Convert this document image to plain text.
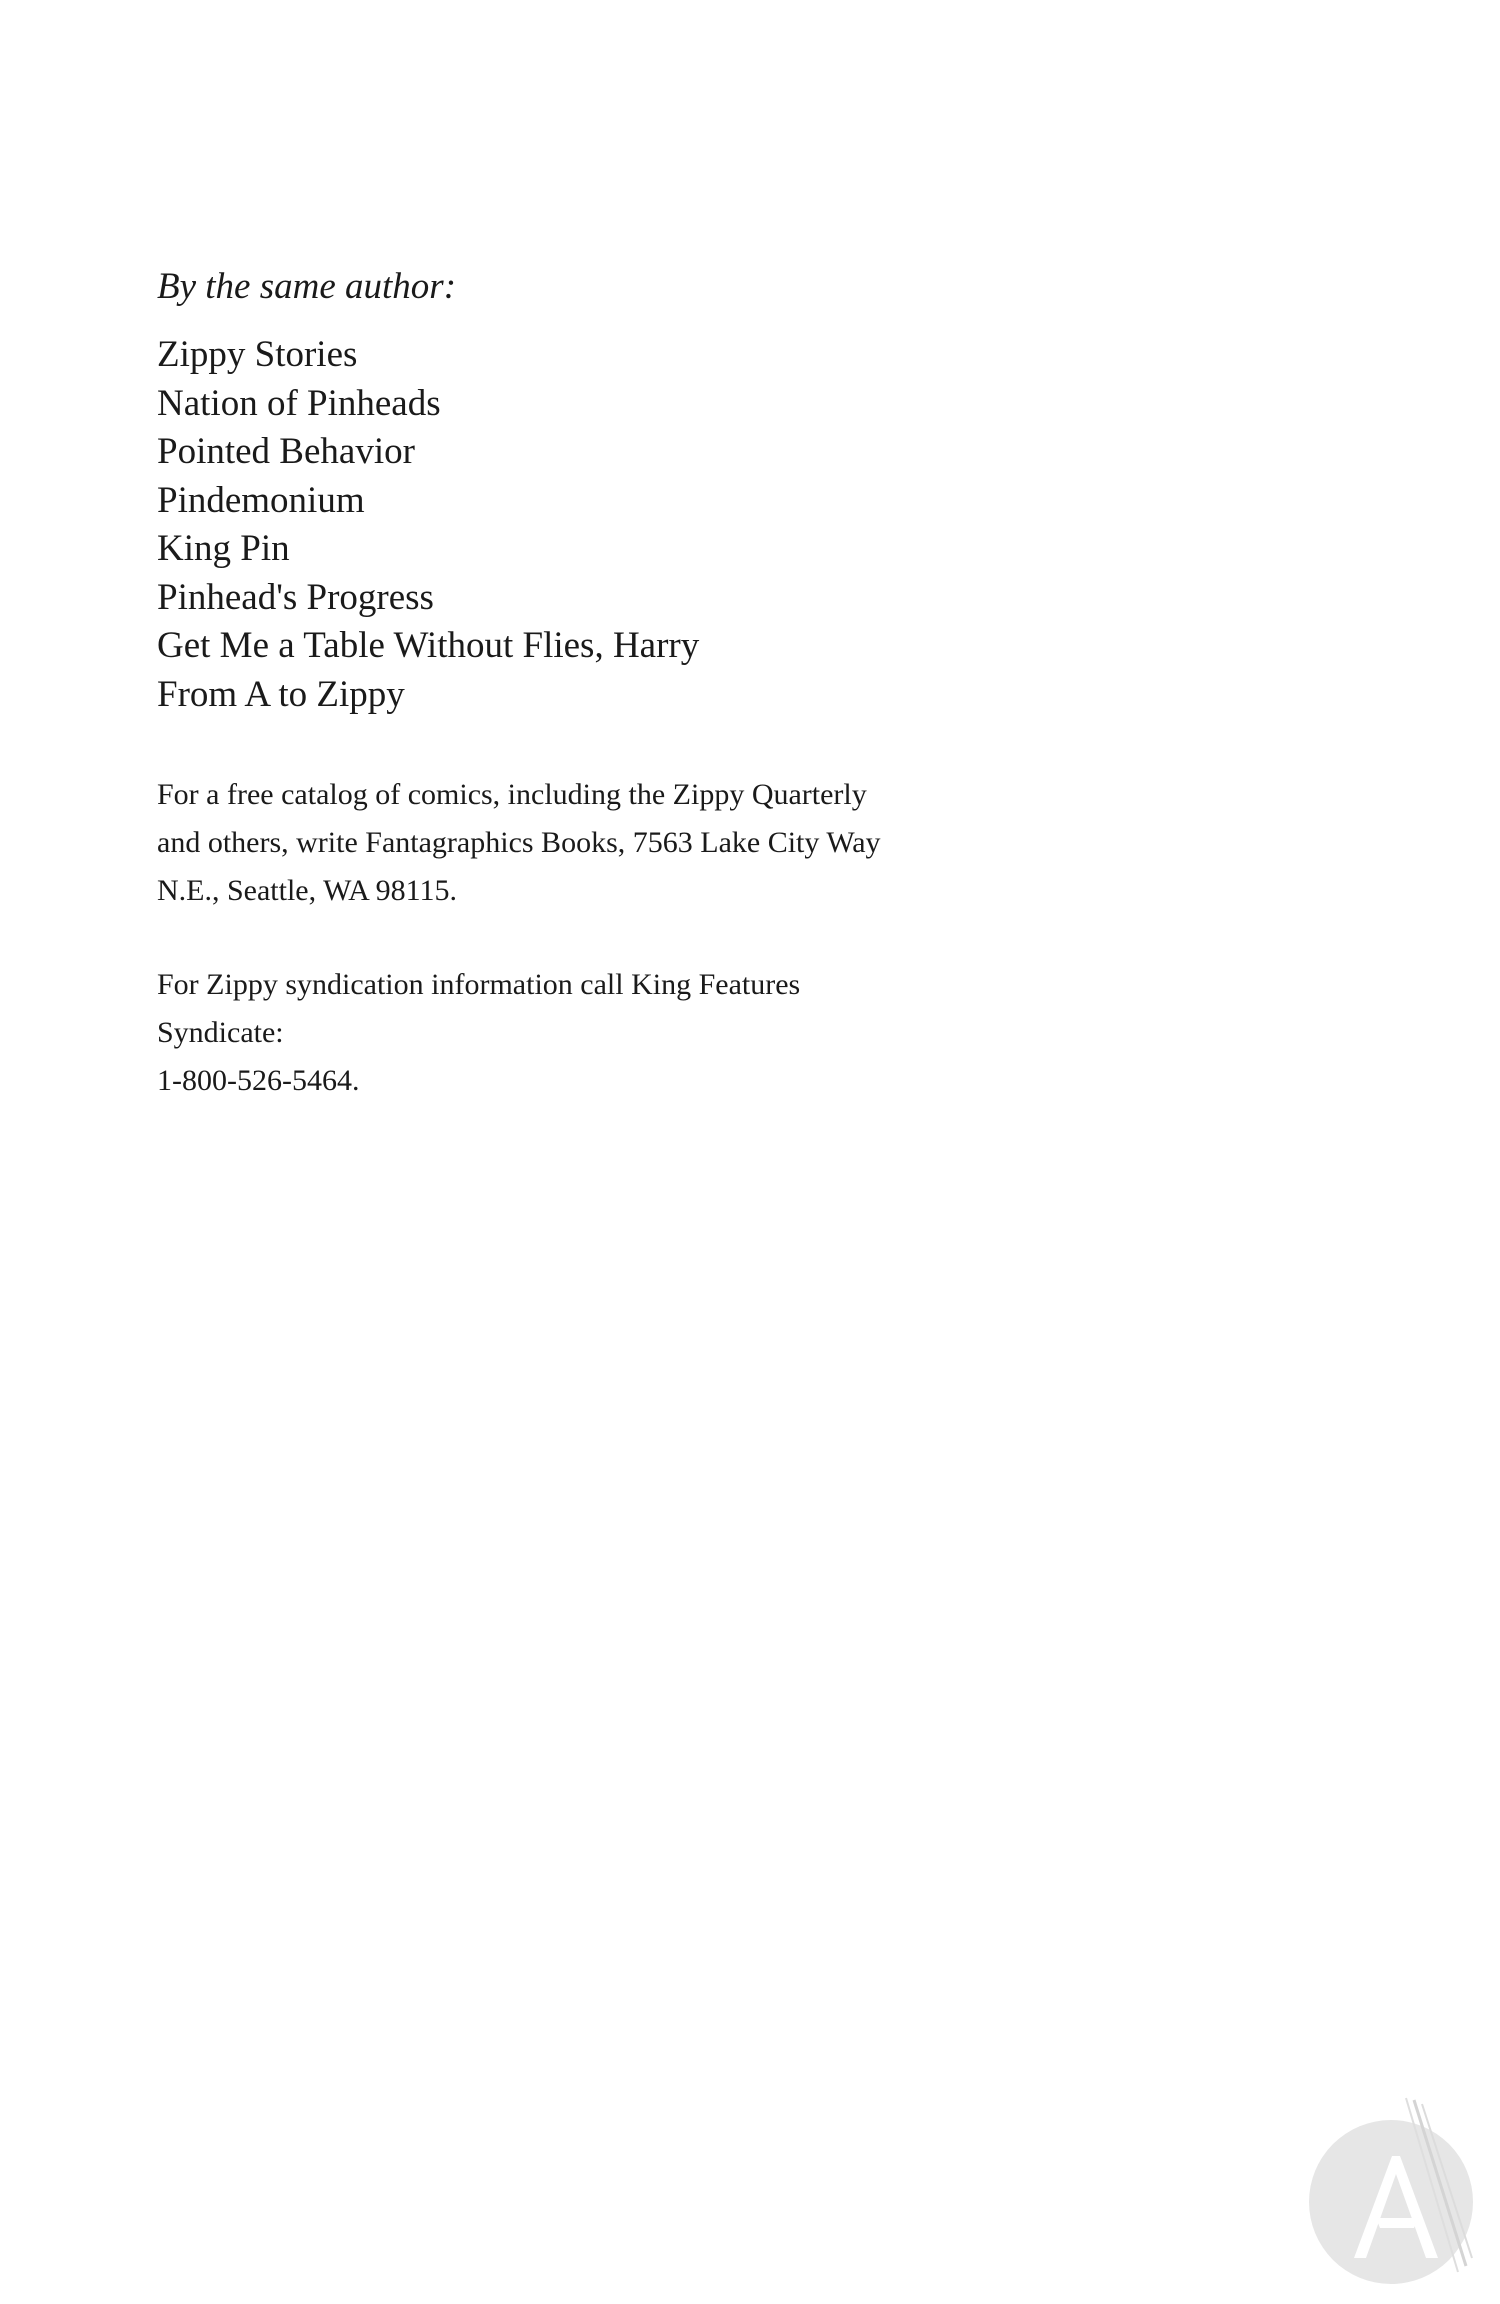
By the same author:
Zippy Stories
Nation of Pinheads
Pointed Behavior
Pindemonium
King Pin
Pinhead's Progress
Get Me a Table Without Flies, Harry
From A to Zippy

For a free catalog of comics, including the Zippy Quarterly
and others, write Fantagraphics Books, 7563 Lake City Way
N.E., Seattle, WA 98115.

For Zippy syndication information call King Features
Syndicate:
1-800-526-5464.
